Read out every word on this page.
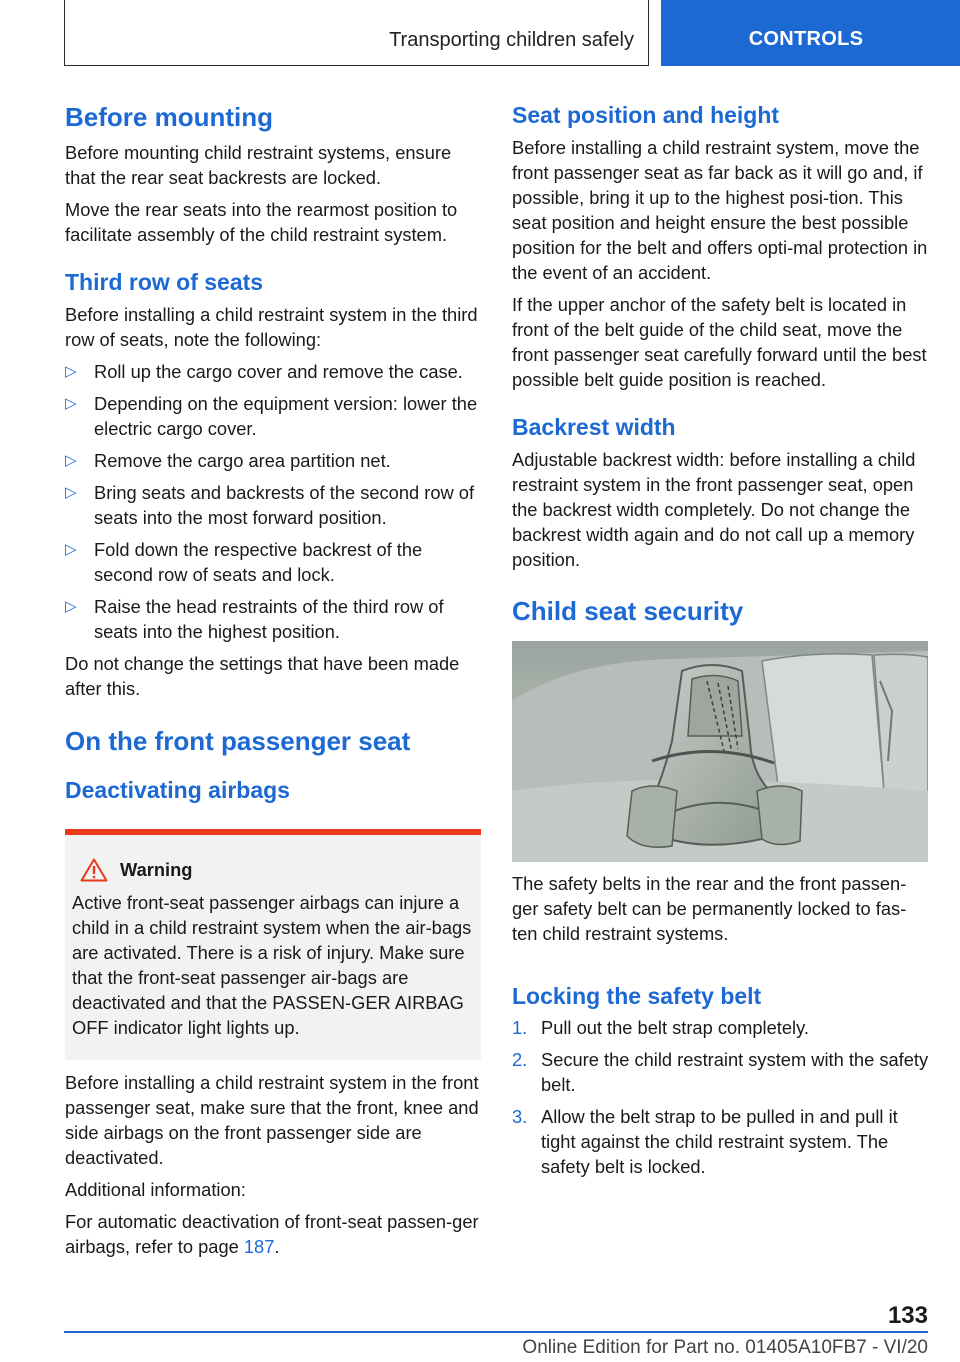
Transporting children safely	CONTROLS
Before mounting

Before mounting child restraint systems, ensure that the rear seat backrests are locked.

Move the rear seats into the rearmost position to facilitate assembly of the child restraint system.

Third row of seats

Before installing a child restraint system in the third row of seats, note the following:

▷ Roll up the cargo cover and remove the case.
▷ Depending on the equipment version: lower the electric cargo cover.
▷ Remove the cargo area partition net.
▷ Bring seats and backrests of the second row of seats into the most forward position.
▷ Fold down the respective backrest of the second row of seats and lock.
▷ Raise the head restraints of the third row of seats into the highest position.

Do not change the settings that have been made after this.

On the front passenger seat
Deactivating airbags
Warning

Active front-seat passenger airbags can injure a child in a child restraint system when the air-bags are activated. There is a risk of injury. Make sure that the front-seat passenger air-bags are deactivated and that the PASSEN-GER AIRBAG OFF indicator light lights up.

Before installing a child restraint system in the front passenger seat, make sure that the front, knee and side airbags on the front passenger side are deactivated.

Additional information:

For automatic deactivation of front-seat passen-ger airbags, refer to page 187.

Seat position and height

Before installing a child restraint system, move the front passenger seat as far back as it will go and, if possible, bring it up to the highest posi-tion. This seat position and height ensure the best possible position for the belt and offers opti-mal protection in the event of an accident.

If the upper anchor of the safety belt is located in front of the belt guide of the child seat, move the front passenger seat carefully forward until the best possible belt guide position is reached.

Backrest width

Adjustable backrest width: before installing a child restraint system in the front passenger seat, open the backrest width completely. Do not change the backrest width again and do not call up a memory position.

Child seat security

The safety belts in the rear and the front passen-ger safety belt can be permanently locked to fas-ten child restraint systems.

Locking the safety belt
1. Pull out the belt strap completely.
2. Secure the child restraint system with the safety belt.
3. Allow the belt strap to be pulled in and pull it tight against the child restraint system. The safety belt is locked.
133
Online Edition for Part no. 01405A10FB7 - VI/20
